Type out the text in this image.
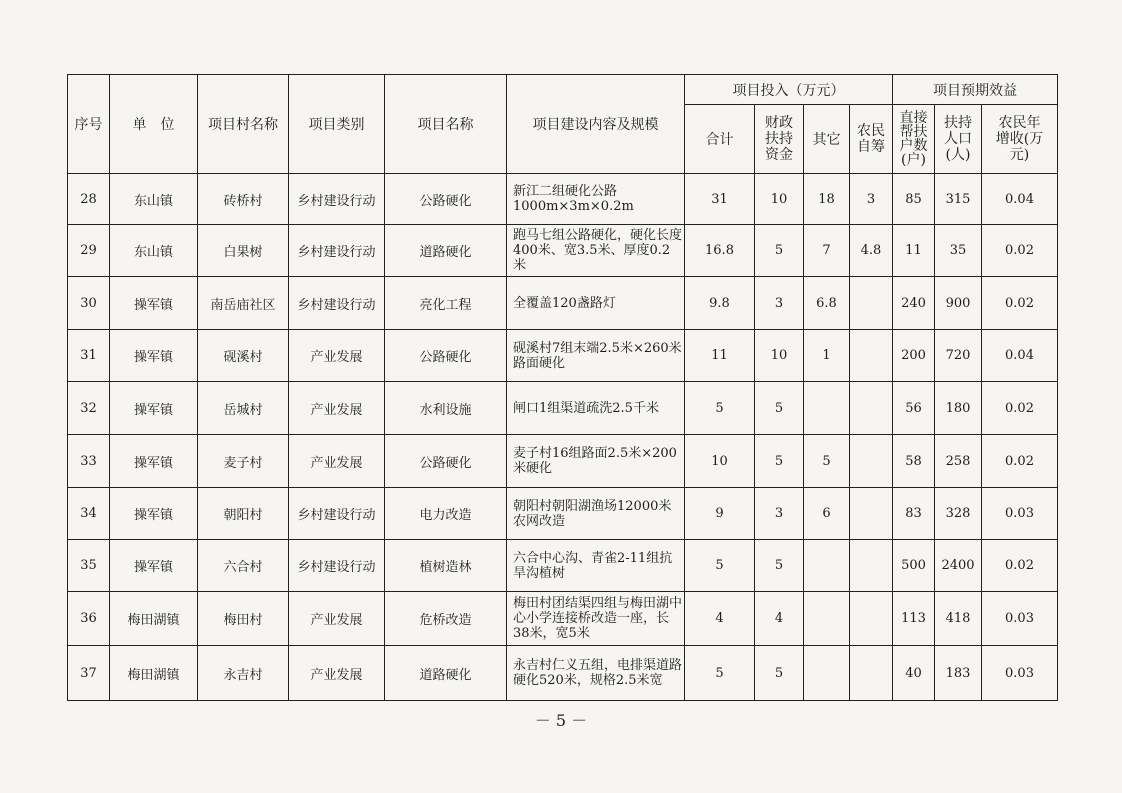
序号	单　位	项目村名称	项目类别	项目名称	项目建设内容及规模	项目投入（万元）				项目预期效益		
						合计	财政扶持资金	其它	农民自筹	直接帮扶户数(户)	扶持人口(人)	农民年增收(万元)
28	东山镇	砖桥村	乡村建设行动	公路硬化	新江二组硬化公路1000m×3m×0.2m	31	10	18	3	85	315	0.04
29	东山镇	白果树	乡村建设行动	道路硬化	跑马七组公路硬化，硬化长度400米、宽3.5米、厚度0.2米	16.8	5	7	4.8	11	35	0.02
30	操军镇	南岳庙社区	乡村建设行动	亮化工程	全覆盖120盏路灯	9.8	3	6.8		240	900	0.02
31	操军镇	砚溪村	产业发展	公路硬化	砚溪村7组末端2.5米×260米路面硬化	11	10	1		200	720	0.04
32	操军镇	岳城村	产业发展	水利设施	闸口1组渠道疏洗2.5千米	5	5			56	180	0.02
33	操军镇	麦子村	产业发展	公路硬化	麦子村16组路面2.5米×200米硬化	10	5	5		58	258	0.02
34	操军镇	朝阳村	乡村建设行动	电力改造	朝阳村朝阳湖渔场12000米农网改造	9	3	6		83	328	0.03
35	操军镇	六合村	乡村建设行动	植树造林	六合中心沟、青雀2-11组抗旱沟植树	5	5			500	2400	0.02
36	梅田湖镇	梅田村	产业发展	危桥改造	梅田村团结渠四组与梅田湖中心小学连接桥改造一座，长38米，宽5米	4	4			113	418	0.03
37	梅田湖镇	永吉村	产业发展	道路硬化	永吉村仁义五组，电排渠道路硬化520米，规格2.5米宽	5	5			40	183	0.03
－ 5 －
